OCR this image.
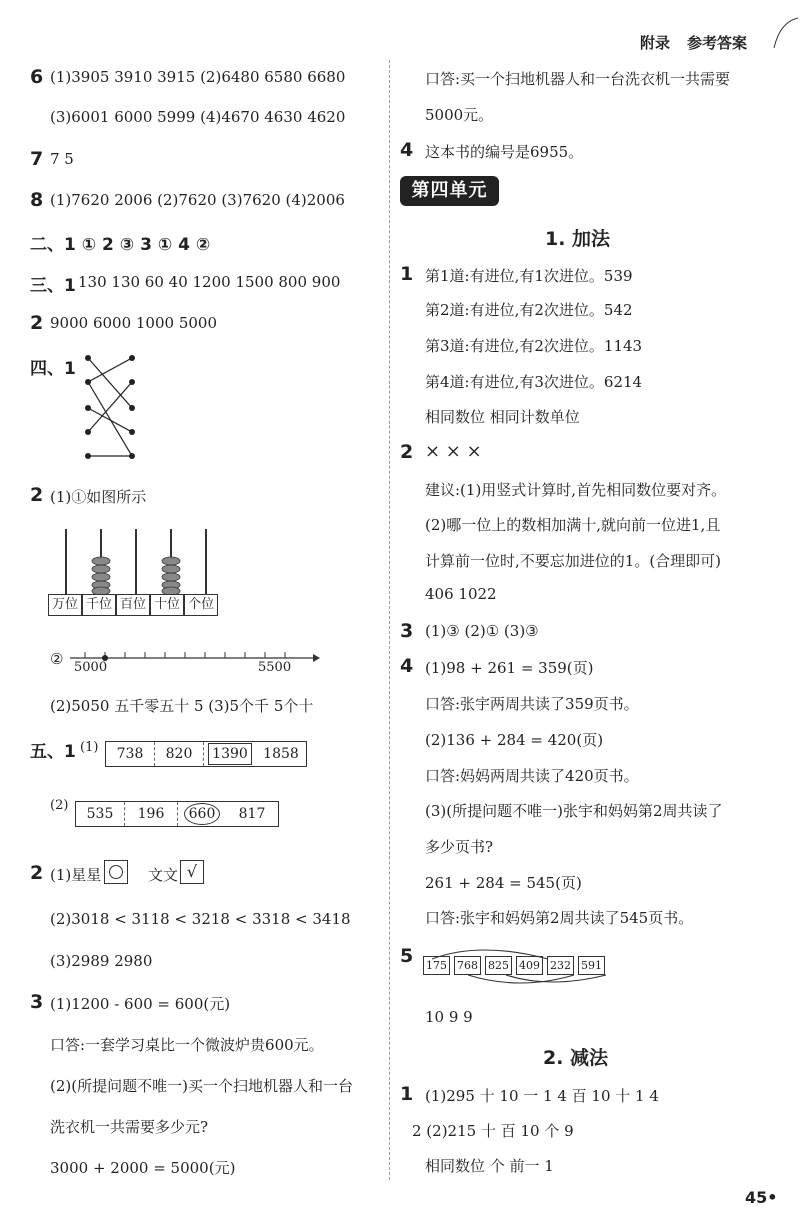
附录 参考答案
6 (1)3905 3910 3915 (2)6480 6580 6680
(3)6001 6000 5999 (4)4670 4630 4620
7 7 5
8 (1)7620 2006 (2)7620 (3)7620 (4)2006
二、1 ① 2 ③ 3 ① 4 ②
三、1 130 130 60 40 1200 1500 800 900
2 9000 6000 1000 5000
四、1
2 (1)①如图所示
万位 千位 百位 十位 个位
② 5000	5500
(2)5050 五千零五十 5 (3)5个千 5个十
五、1 (1)	738	820	1390	1858
(2)
535	196	660	817
2 (1)星星	文文 √
(2)3018 < 3118 < 3218 < 3318 < 3418
(3)2989 2980
3 (1)1200 - 600 = 600(元)
口答:一套学习桌比一个微波炉贵600元。
(2)(所提问题不唯一)买一个扫地机器人和一台
洗衣机一共需要多少元?
3000 + 2000 = 5000(元)
口答:买一个扫地机器人和一台洗衣机一共需要
5000元。
4 这本书的编号是6955。
第四单元
1. 加法
1 第1道:有进位,有1次进位。539
第2道:有进位,有2次进位。542
第3道:有进位,有2次进位。1143
第4道:有进位,有3次进位。6214
相同数位 相同计数单位
2 × × ×
建议:(1)用竖式计算时,首先相同数位要对齐。
(2)哪一位上的数相加满十,就向前一位进1,且
计算前一位时,不要忘加进位的1。(合理即可)
406 1022
3 (1)③ (2)① (3)③
4 (1)98 + 261 = 359(页)
口答:张宇两周共读了359页书。
(2)136 + 284 = 420(页)
口答:妈妈两周共读了420页书。
(3)(所提问题不唯一)张宇和妈妈第2周共读了
多少页书?
261 + 284 = 545(页)
口答:张宇和妈妈第2周共读了545页书。
5 175 768 825 409 232 591
10 9 9
2. 减法
1 (1)295 十 10 一 1 4 百 10 十 1 4
2 (2)215 十 百 10 个 9
相同数位 个 前一 1
45•
